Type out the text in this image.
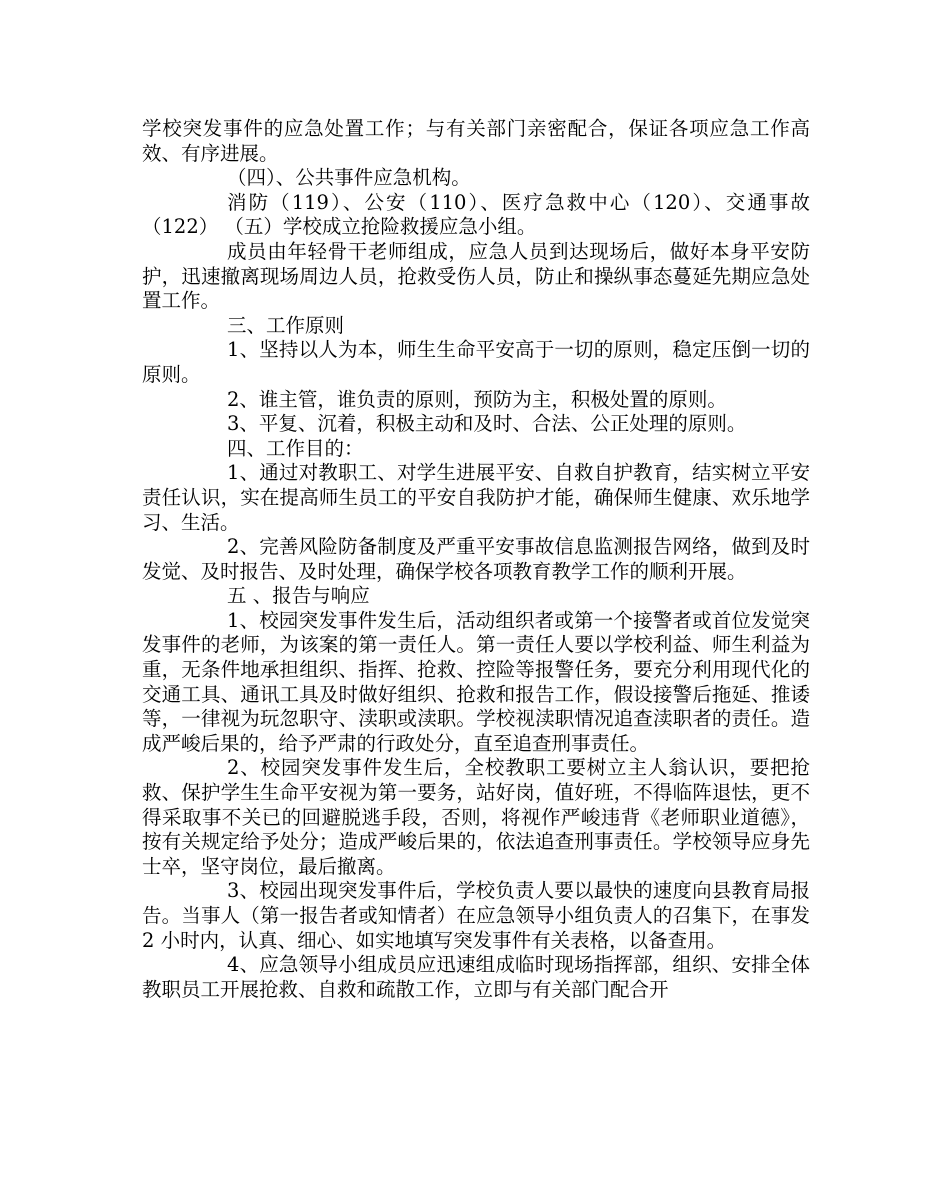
学校突发事件的应急处置工作；与有关部门亲密配合，保证各项应急工作高效、有序进展。

（四）、公共事件应急机构。

消防（119）、公安（110）、医疗急救中心（120）、交通事故（122） （五）学校成立抢险救援应急小组。

成员由年轻骨干老师组成，应急人员到达现场后，做好本身平安防护，迅速撤离现场周边人员，抢救受伤人员，防止和操纵事态蔓延先期应急处置工作。

三、工作原则

1、坚持以人为本，师生生命平安高于一切的原则，稳定压倒一切的原则。

2、谁主管，谁负责的原则，预防为主，积极处置的原则。

3、平复、沉着，积极主动和及时、合法、公正处理的原则。

四、工作目的：

1、通过对教职工、对学生进展平安、自救自护教育，结实树立平安责任认识，实在提高师生员工的平安自我防护才能，确保师生健康、欢乐地学习、生活。

2、完善风险防备制度及严重平安事故信息监测报告网络，做到及时发觉、及时报告、及时处理，确保学校各项教育教学工作的顺利开展。

五 、报告与响应

1、校园突发事件发生后，活动组织者或第一个接警者或首位发觉突发事件的老师，为该案的第一责任人。第一责任人要以学校利益、师生利益为重，无条件地承担组织、指挥、抢救、控险等报警任务，要充分利用现代化的交通工具、通讯工具及时做好组织、抢救和报告工作，假设接警后拖延、推诿等，一律视为玩忽职守、渎职或渎职。学校视渎职情况追查渎职者的责任。造成严峻后果的，给予严肃的行政处分，直至追查刑事责任。

2、校园突发事件发生后，全校教职工要树立主人翁认识，要把抢救、保护学生生命平安视为第一要务，站好岗，值好班，不得临阵退怯，更不得采取事不关已的回避脱逃手段，否则，将视作严峻违背《老师职业道德》，按有关规定给予处分；造成严峻后果的，依法追查刑事责任。学校领导应身先士卒，坚守岗位，最后撤离。

3、校园出现突发事件后，学校负责人要以最快的速度向县教育局报告。当事人（第一报告者或知情者）在应急领导小组负责人的召集下，在事发 2 小时内，认真、细心、如实地填写突发事件有关表格，以备查用。

4、应急领导小组成员应迅速组成临时现场指挥部，组织、安排全体教职员工开展抢救、自救和疏散工作，立即与有关部门配合开
